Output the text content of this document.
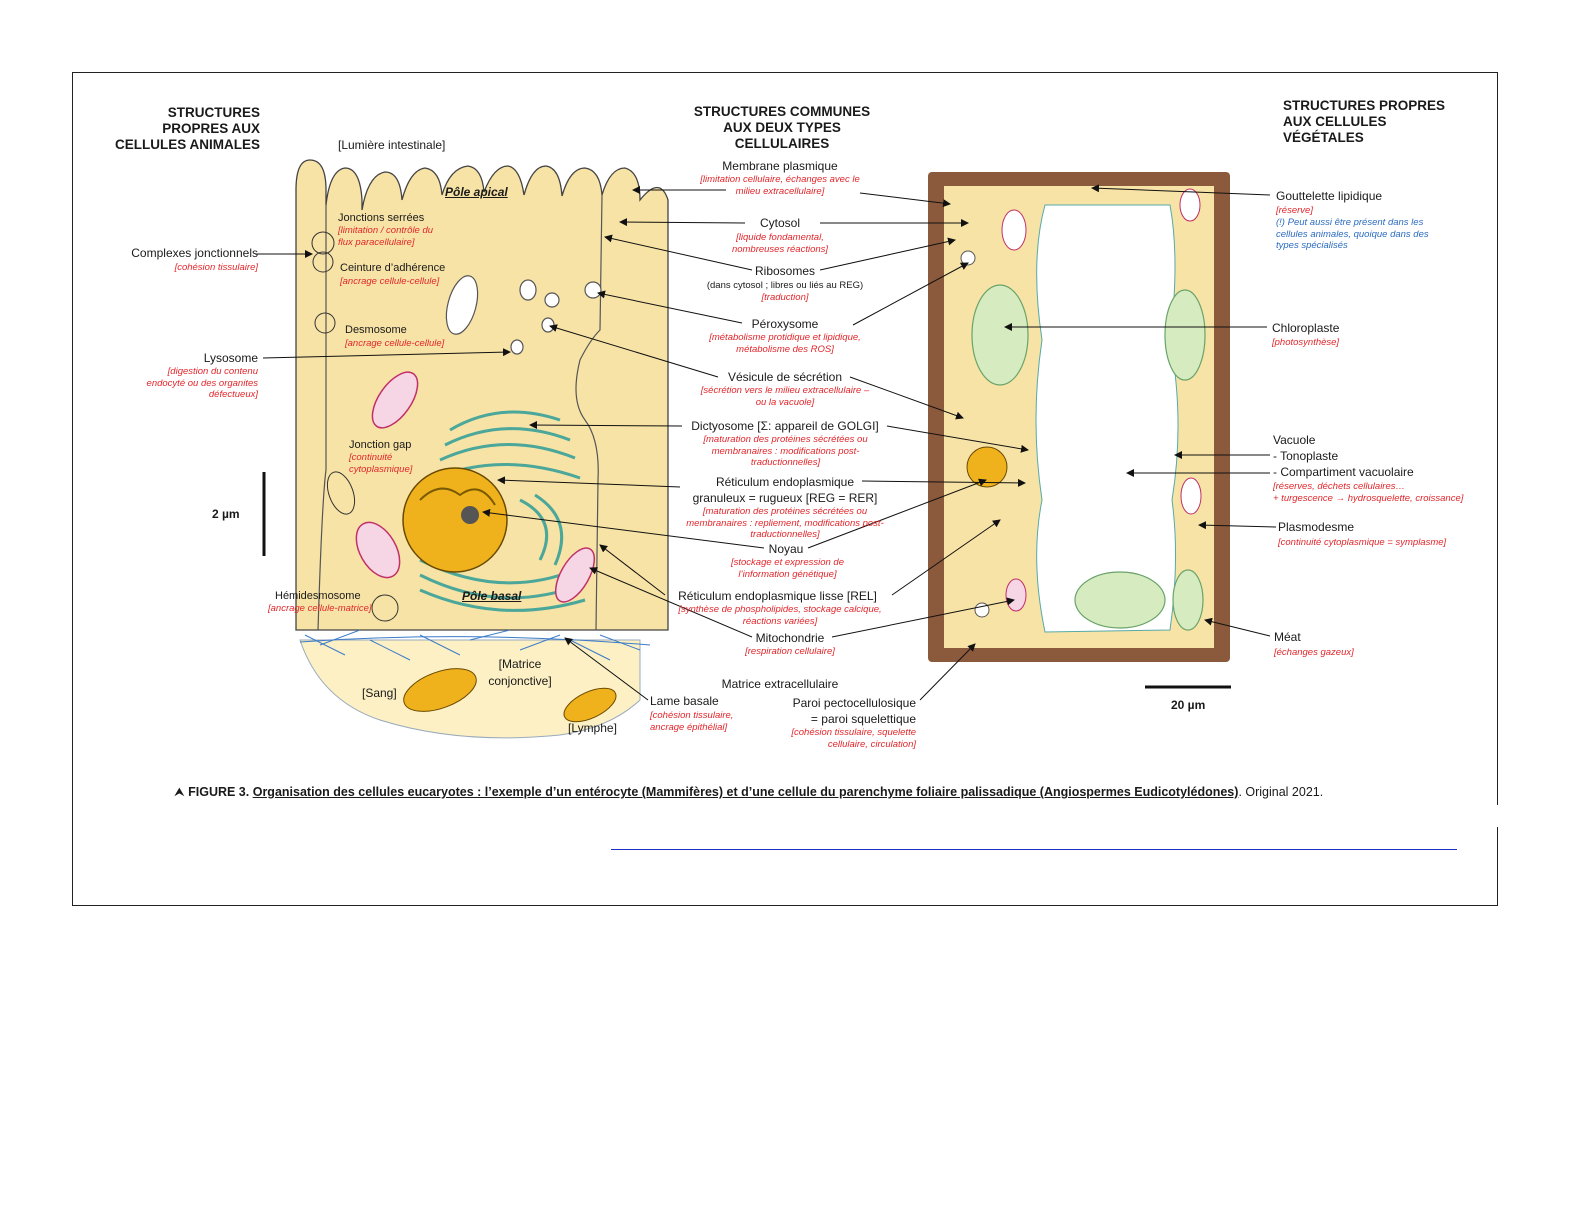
STRUCTURES PROPRES AUX CELLULES ANIMALES
STRUCTURES COMMUNES AUX DEUX TYPES CELLULAIRES
STRUCTURES PROPRES AUX CELLULES VÉGÉTALES
[Lumière intestinale]
Pôle apical
Jonctions serrées
[limitation / contrôle du flux paracellulaire]
Complexes jonctionnels
[cohésion tissulaire]	Ceinture d’adhérence
[ancrage cellule-cellule]
Desmosome
[ancrage cellule-cellule]
Lysosome
[digestion du contenu endocyté ou des organites défectueux]
Jonction gap
[continuité cytoplasmique]
2 µm
Hémidesmosome
[ancrage cellule-matrice]
Pôle basal
[Matrice conjonctive]
[Sang]
[Lymphe]
Membrane plasmique
[limitation cellulaire, échanges avec le milieu extracellulaire]
Cytosol
[liquide fondamental, nombreuses réactions]
Ribosomes
(dans cytosol ; libres ou liés au REG)
[traduction]
Péroxysome
[métabolisme protidique et lipidique, métabolisme des ROS]
Vésicule de sécrétion
[sécrétion vers le milieu extracellulaire – ou la vacuole]
Dictyosome [Σ: appareil de GOLGI]
[maturation des protéines sécrétées ou membranaires : modifications post-traductionnelles]
Réticulum endoplasmique
granuleux = rugueux [REG = RER]
[maturation des protéines sécrétées ou membranaires : repliement, modifications post-traductionnelles]
Noyau
[stockage et expression de l’information génétique]
Réticulum endoplasmique lisse [REL]
[synthèse de phospholipides, stockage calcique, réactions variées]
Mitochondrie
[respiration cellulaire]
Matrice extracellulaire
Lame basale
[cohésion tissulaire, ancrage épithélial]
Paroi pectocellulosique
= paroi squelettique
[cohésion tissulaire, squelette cellulaire, circulation]
Gouttelette lipidique
[réserve]
(!) Peut aussi être présent dans les cellules animales, quoique dans des types spécialisés
Chloroplaste
[photosynthèse]
Vacuole
- Tonoplaste
- Compartiment vacuolaire
[réserves, déchets cellulaires…
+ turgescence → hydrosquelette, croissance]
Plasmodesme
[continuité cytoplasmique = symplasme]
Méat
[échanges gazeux]
20 µm
⮝ FIGURE 3. Organisation des cellules eucaryotes : l’exemple d’un entérocyte (Mammifères) et d’une cellule du parenchyme foliaire palissadique (Angiospermes Eudicotylédones). Original 2021.
